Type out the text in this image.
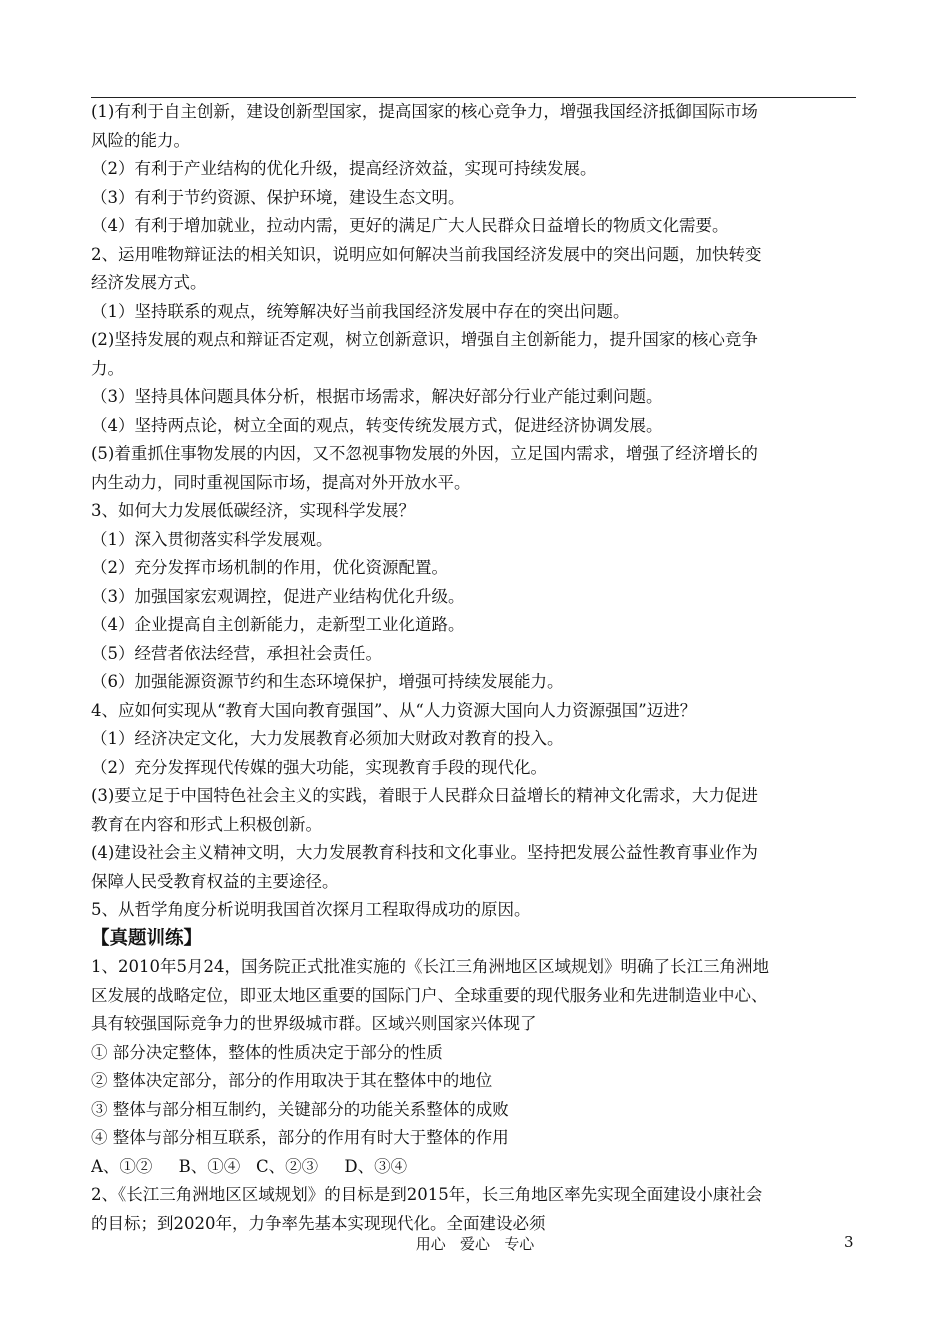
(1)有利于自主创新，建设创新型国家，提高国家的核心竞争力，增强我国经济抵御国际市场
风险的能力。
（2）有利于产业结构的优化升级，提高经济效益，实现可持续发展。
（3）有利于节约资源、保护环境，建设生态文明。
（4）有利于增加就业，拉动内需，更好的满足广大人民群众日益增长的物质文化需要。
2、运用唯物辩证法的相关知识，说明应如何解决当前我国经济发展中的突出问题，加快转变
经济发展方式。
（1）坚持联系的观点，统筹解决好当前我国经济发展中存在的突出问题。
(2)坚持发展的观点和辩证否定观，树立创新意识，增强自主创新能力，提升国家的核心竞争
力。
（3）坚持具体问题具体分析，根据市场需求，解决好部分行业产能过剩问题。
（4）坚持两点论，树立全面的观点，转变传统发展方式，促进经济协调发展。
(5)着重抓住事物发展的内因，又不忽视事物发展的外因，立足国内需求，增强了经济增长的
内生动力，同时重视国际市场，提高对外开放水平。
3、如何大力发展低碳经济，实现科学发展？
（1）深入贯彻落实科学发展观。
（2）充分发挥市场机制的作用，优化资源配置。
（3）加强国家宏观调控，促进产业结构优化升级。
（4）企业提高自主创新能力，走新型工业化道路。
（5）经营者依法经营，承担社会责任。
（6）加强能源资源节约和生态环境保护，增强可持续发展能力。
4、应如何实现从“教育大国向教育强国”、从“人力资源大国向人力资源强国”迈进？
（1）经济决定文化，大力发展教育必须加大财政对教育的投入。
（2）充分发挥现代传媒的强大功能，实现教育手段的现代化。
(3)要立足于中国特色社会主义的实践，着眼于人民群众日益增长的精神文化需求，大力促进
教育在内容和形式上积极创新。
(4)建设社会主义精神文明，大力发展教育科技和文化事业。坚持把发展公益性教育事业作为
保障人民受教育权益的主要途径。
5、从哲学角度分析说明我国首次探月工程取得成功的原因。
【真题训练】
1、2010年5月24，国务院正式批准实施的《长江三角洲地区区域规划》明确了长江三角洲地
区发展的战略定位，即亚太地区重要的国际门户、全球重要的现代服务业和先进制造业中心、
具有较强国际竞争力的世界级城市群。区域兴则国家兴体现了
① 部分决定整体，整体的性质决定于部分的性质
② 整体决定部分，部分的作用取决于其在整体中的地位
③ 整体与部分相互制约，关键部分的功能关系整体的成败
④ 整体与部分相互联系，部分的作用有时大于整体的作用
A、①②     B、①④   C、②③     D、③④
2、《长江三角洲地区区域规划》的目标是到2015年，长三角地区率先实现全面建设小康社会
的目标；到2020年，力争率先基本实现现代化。全面建设必须
用心   爱心   专心	3
